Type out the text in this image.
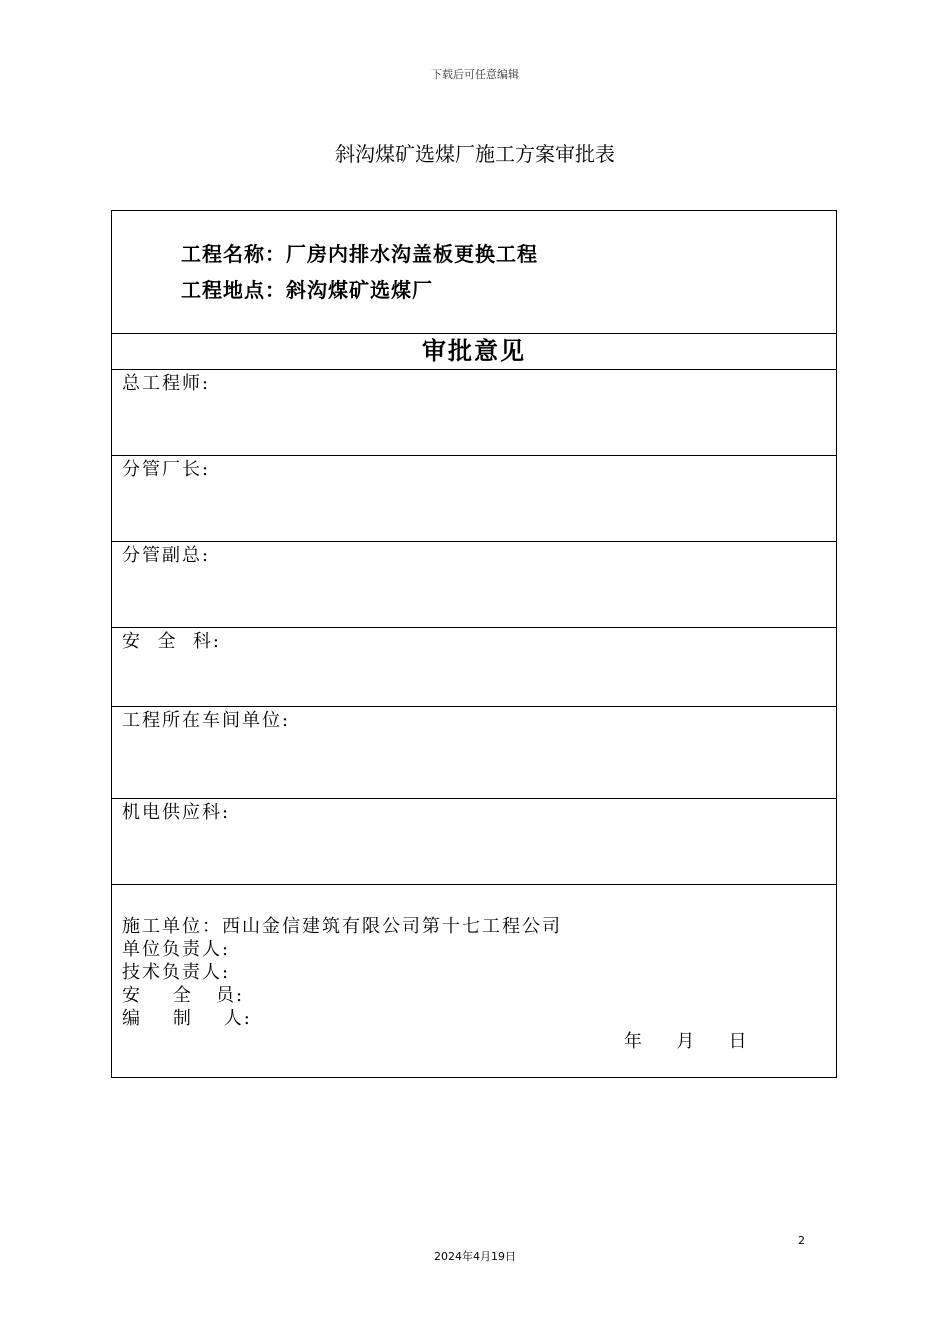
下载后可任意编辑
斜沟煤矿选煤厂施工方案审批表
工程名称：厂房内排水沟盖板更换工程
工程地点：斜沟煤矿选煤厂
审批意见
总工程师:
分管厂长:
分管副总:
安  全  科:
工程所在车间单位:
机电供应科:
施工单位：西山金信建筑有限公司第十七工程公司
单位负责人:
技术负责人:
安    全   员:
编    制    人:
年      月      日
2
2024年4月19日
